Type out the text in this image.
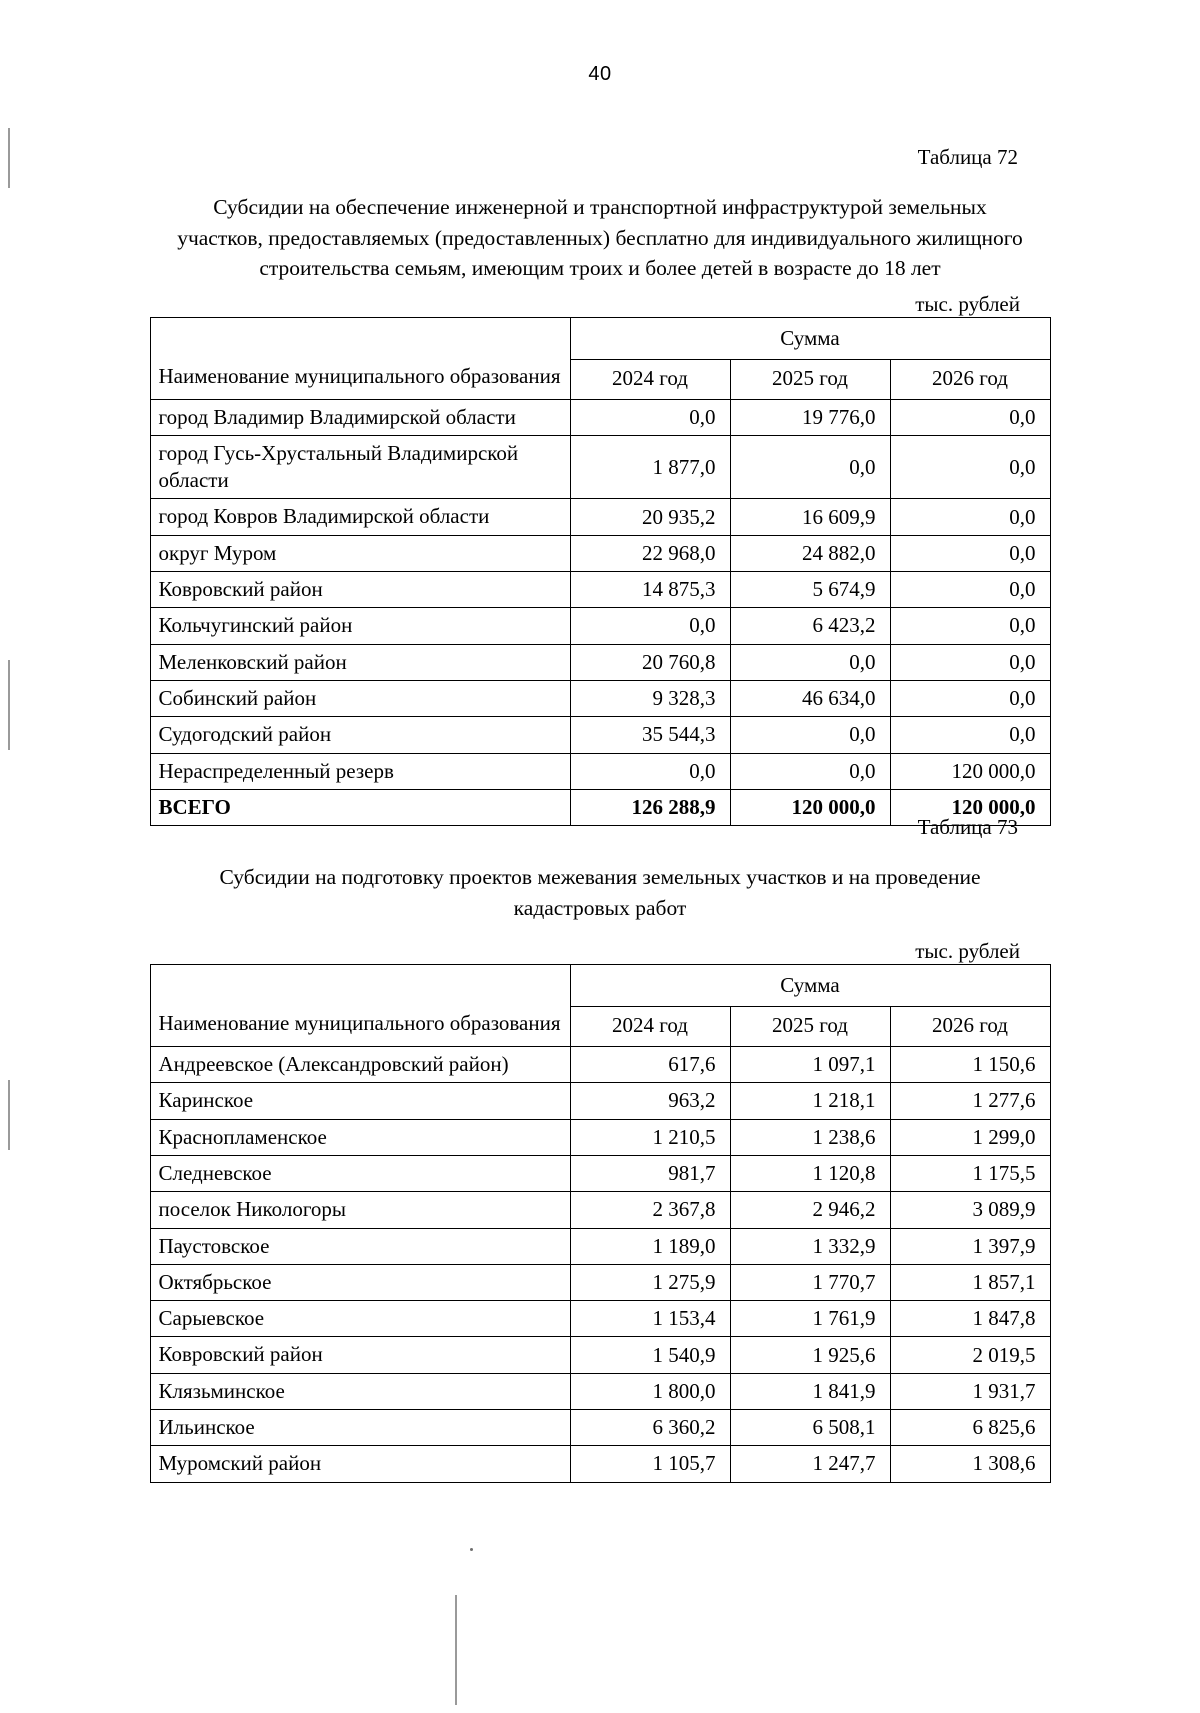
40
Таблица 72
Субсидии на обеспечение инженерной и транспортной инфраструктурой земельных участков, предоставляемых (предоставленных) бесплатно для индивидуального жилищного строительства семьям, имеющим троих и более детей в возрасте до 18 лет
тыс. рублей
Наименование муниципального образования	Сумма		
	2024 год	2025 год	2026 год
город Владимир Владимирской области	0,0	19 776,0	0,0
город Гусь-Хрустальный Владимирской области	1 877,0	0,0	0,0
город Ковров Владимирской области	20 935,2	16 609,9	0,0
округ Муром	22 968,0	24 882,0	0,0
Ковровский район	14 875,3	5 674,9	0,0
Кольчугинский район	0,0	6 423,2	0,0
Меленковский район	20 760,8	0,0	0,0
Собинский район	9 328,3	46 634,0	0,0
Судогодский район	35 544,3	0,0	0,0
Нераспределенный резерв	0,0	0,0	120 000,0
ВСЕГО	126 288,9	120 000,0	120 000,0
Таблица 73
Субсидии на подготовку проектов межевания земельных участков и на проведение кадастровых работ
тыс. рублей
Наименование муниципального образования	Сумма		
	2024 год	2025 год	2026 год
Андреевское (Александровский район)	617,6	1 097,1	1 150,6
Каринское	963,2	1 218,1	1 277,6
Краснопламенское	1 210,5	1 238,6	1 299,0
Следневское	981,7	1 120,8	1 175,5
поселок Никологоры	2 367,8	2 946,2	3 089,9
Паустовское	1 189,0	1 332,9	1 397,9
Октябрьское	1 275,9	1 770,7	1 857,1
Сарыевское	1 153,4	1 761,9	1 847,8
Ковровский район	1 540,9	1 925,6	2 019,5
Клязьминское	1 800,0	1 841,9	1 931,7
Ильинское	6 360,2	6 508,1	6 825,6
Муромский район	1 105,7	1 247,7	1 308,6
